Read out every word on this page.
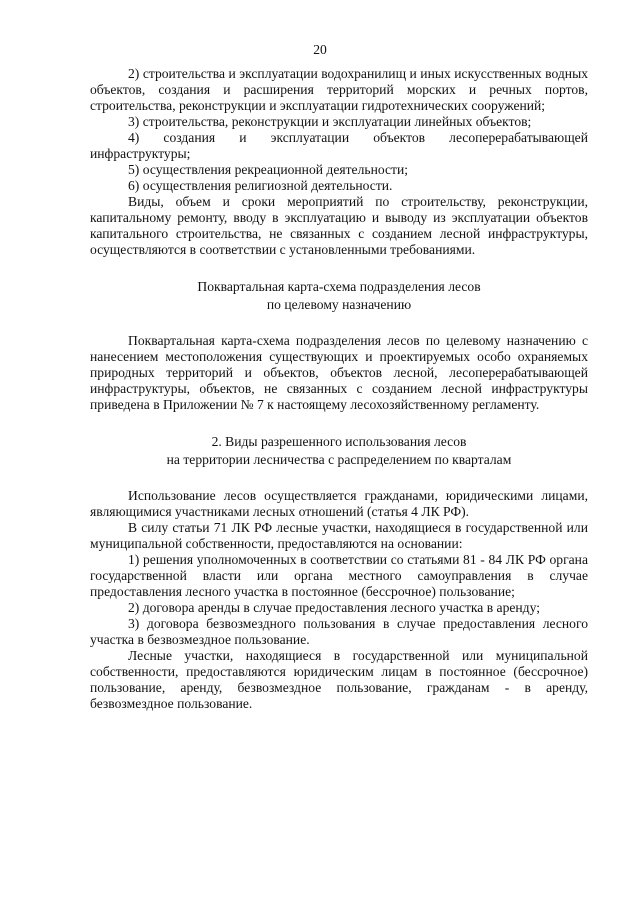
20

2) строительства и эксплуатации водохранилищ и иных искусственных водных объектов, создания и расширения территорий морских и речных портов, строительства, реконструкции и эксплуатации гидротехнических сооружений;

3) строительства, реконструкции и эксплуатации линейных объектов;

4) создания и эксплуатации объектов лесоперерабатывающей инфраструктуры;

5) осуществления рекреационной деятельности;

6) осуществления религиозной деятельности.

Виды, объем и сроки мероприятий по строительству, реконструкции, капитальному ремонту, вводу в эксплуатацию и выводу из эксплуатации объектов капитального строительства, не связанных с созданием лесной инфраструктуры, осуществляются в соответствии с установленными требованиями.

Поквартальная карта-схема подразделения лесов

по целевому назначению

Поквартальная карта-схема подразделения лесов по целевому назначению с нанесением местоположения существующих и проектируемых особо охраняемых природных территорий и объектов, объектов лесной, лесоперерабатывающей инфраструктуры, объектов, не связанных с созданием лесной инфраструктуры приведена в Приложении № 7 к настоящему лесохозяйственному регламенту.

2. Виды разрешенного использования лесов

на территории лесничества с распределением по кварталам

Использование лесов осуществляется гражданами, юридическими лицами, являющимися участниками лесных отношений (статья 4 ЛК РФ).

В силу статьи 71 ЛК РФ лесные участки, находящиеся в государственной или муниципальной собственности, предоставляются на основании:

1) решения уполномоченных в соответствии со статьями 81 - 84 ЛК РФ органа государственной власти или органа местного самоуправления в случае предоставления лесного участка в постоянное (бессрочное) пользование;

2) договора аренды в случае предоставления лесного участка в аренду;

3) договора безвозмездного пользования в случае предоставления лесного участка в безвозмездное пользование.

Лесные участки, находящиеся в государственной или муниципальной собственности, предоставляются юридическим лицам в постоянное (бессрочное) пользование, аренду, безвозмездное пользование, гражданам - в аренду, безвозмездное пользование.
